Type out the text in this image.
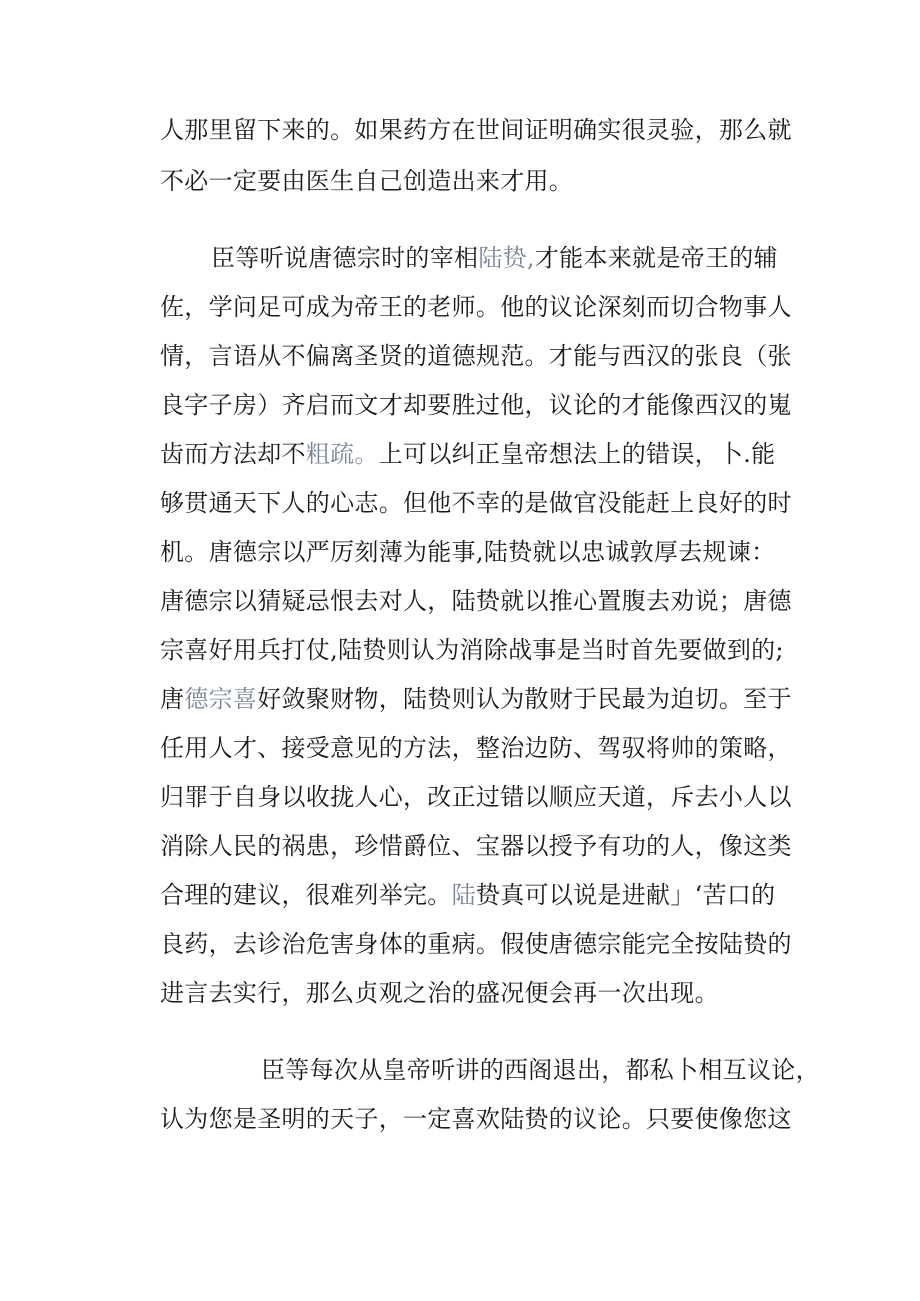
人那里留下来的。如果药方在世间证明确实很灵验，那么就
不必一定要由医生自己创造出来才用。
臣等听说唐德宗时的宰相陆贽,才能本来就是帝王的辅
佐，学问足可成为帝王的老师。他的议论深刻而切合物事人
情，言语从不偏离圣贤的道德规范。才能与西汉的张良（张
良字子房）齐启而文才却要胜过他，议论的才能像西汉的嵬
齿而方法却不粗疏。上可以纠正皇帝想法上的错误，卜.能
够贯通天下人的心志。但他不幸的是做官没能赶上良好的时
机。唐德宗以严厉刻薄为能事,陆贽就以忠诚敦厚去规谏：
唐德宗以猜疑忌恨去对人，陆贽就以推心置腹去劝说；唐德
宗喜好用兵打仗,陆贽则认为消除战事是当时首先要做到的;
唐德宗喜好敛聚财物，陆贽则认为散财于民最为迫切。至于
任用人才、接受意见的方法，整治边防、驾驭将帅的策略，
归罪于自身以收拢人心，改正过错以顺应天道，斥去小人以
消除人民的祸患，珍惜爵位、宝器以授予有功的人，像这类
合理的建议，很难列举完。陆贽真可以说是进献」‘苦口的
良药，去诊治危害身体的重病。假使唐德宗能完全按陆贽的
进言去实行，那么贞观之治的盛况便会再一次出现。
臣等每次从皇帝听讲的西阁退出，都私卜相互议论，
认为您是圣明的天子，一定喜欢陆贽的议论。只要使像您这
